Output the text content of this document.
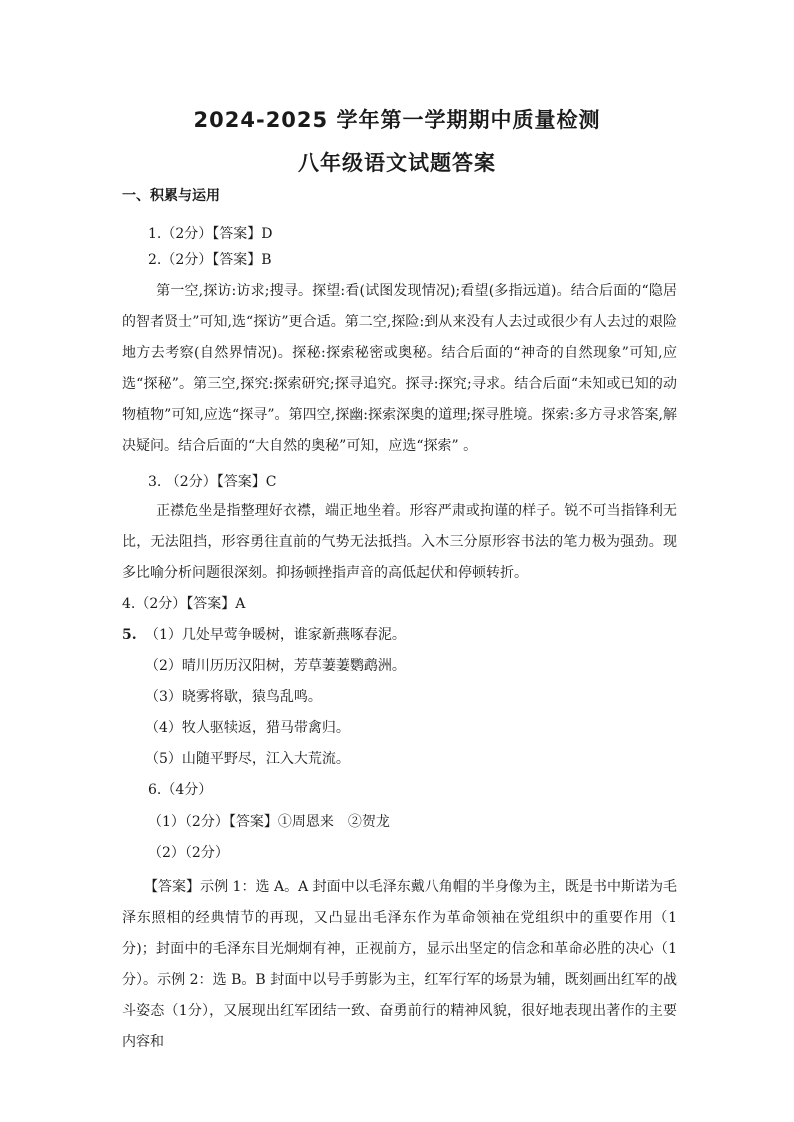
2024-2025 学年第一学期期中质量检测
八年级语文试题答案
一、积累与运用
1.（2分）【答案】D
2.（2分）【答案】B
第一空,探访:访求;搜寻。探望:看(试图发现情况);看望(多指远道)。结合后面的“隐居的智者贤士”可知,选“探访”更合适。第二空,探险:到从来没有人去过或很少有人去过的艰险地方去考察(自然界情况)。探秘:探索秘密或奥秘。结合后面的“神奇的自然现象”可知,应选“探秘”。第三空,探究:探索研究;探寻追究。探寻:探究;寻求。结合后面“未知或已知的动物植物”可知,应选“探寻”。第四空,探幽:探索深奥的道理;探寻胜境。探索:多方寻求答案,解决疑问。结合后面的“大自然的奥秘”可知，应选“探索” 。
3. （2分）【答案】C
正襟危坐是指整理好衣襟，端正地坐着。形容严肃或拘谨的样子。锐不可当指锋利无比，无法阻挡，形容勇往直前的气势无法抵挡。入木三分原形容书法的笔力极为强劲。现多比喻分析问题很深刻。抑扬顿挫指声音的高低起伏和停顿转折。
4.（2分）【答案】A
5. （1）几处早莺争暖树，谁家新燕啄春泥。
（2）晴川历历汉阳树，芳草萋萋鹦鹉洲。
（3）晓雾将歇，猿鸟乱鸣。
（4）牧人驱犊返，猎马带禽归。
（5）山随平野尽，江入大荒流。
6.（4分）
（1）（2分）【答案】①周恩来　②贺龙
（2）（2分）
【答案】示例 1：选 A。A 封面中以毛泽东戴八角帽的半身像为主，既是书中斯诺为毛泽东照相的经典情节的再现，又凸显出毛泽东作为革命领袖在党组织中的重要作用（1分)；封面中的毛泽东目光炯炯有神，正视前方，显示出坚定的信念和革命必胜的决心（1分）。示例 2：选 B。B 封面中以号手剪影为主，红军行军的场景为辅，既刻画出红军的战斗姿态（1分），又展现出红军团结一致、奋勇前行的精神风貌，很好地表现出著作的主要内容和
